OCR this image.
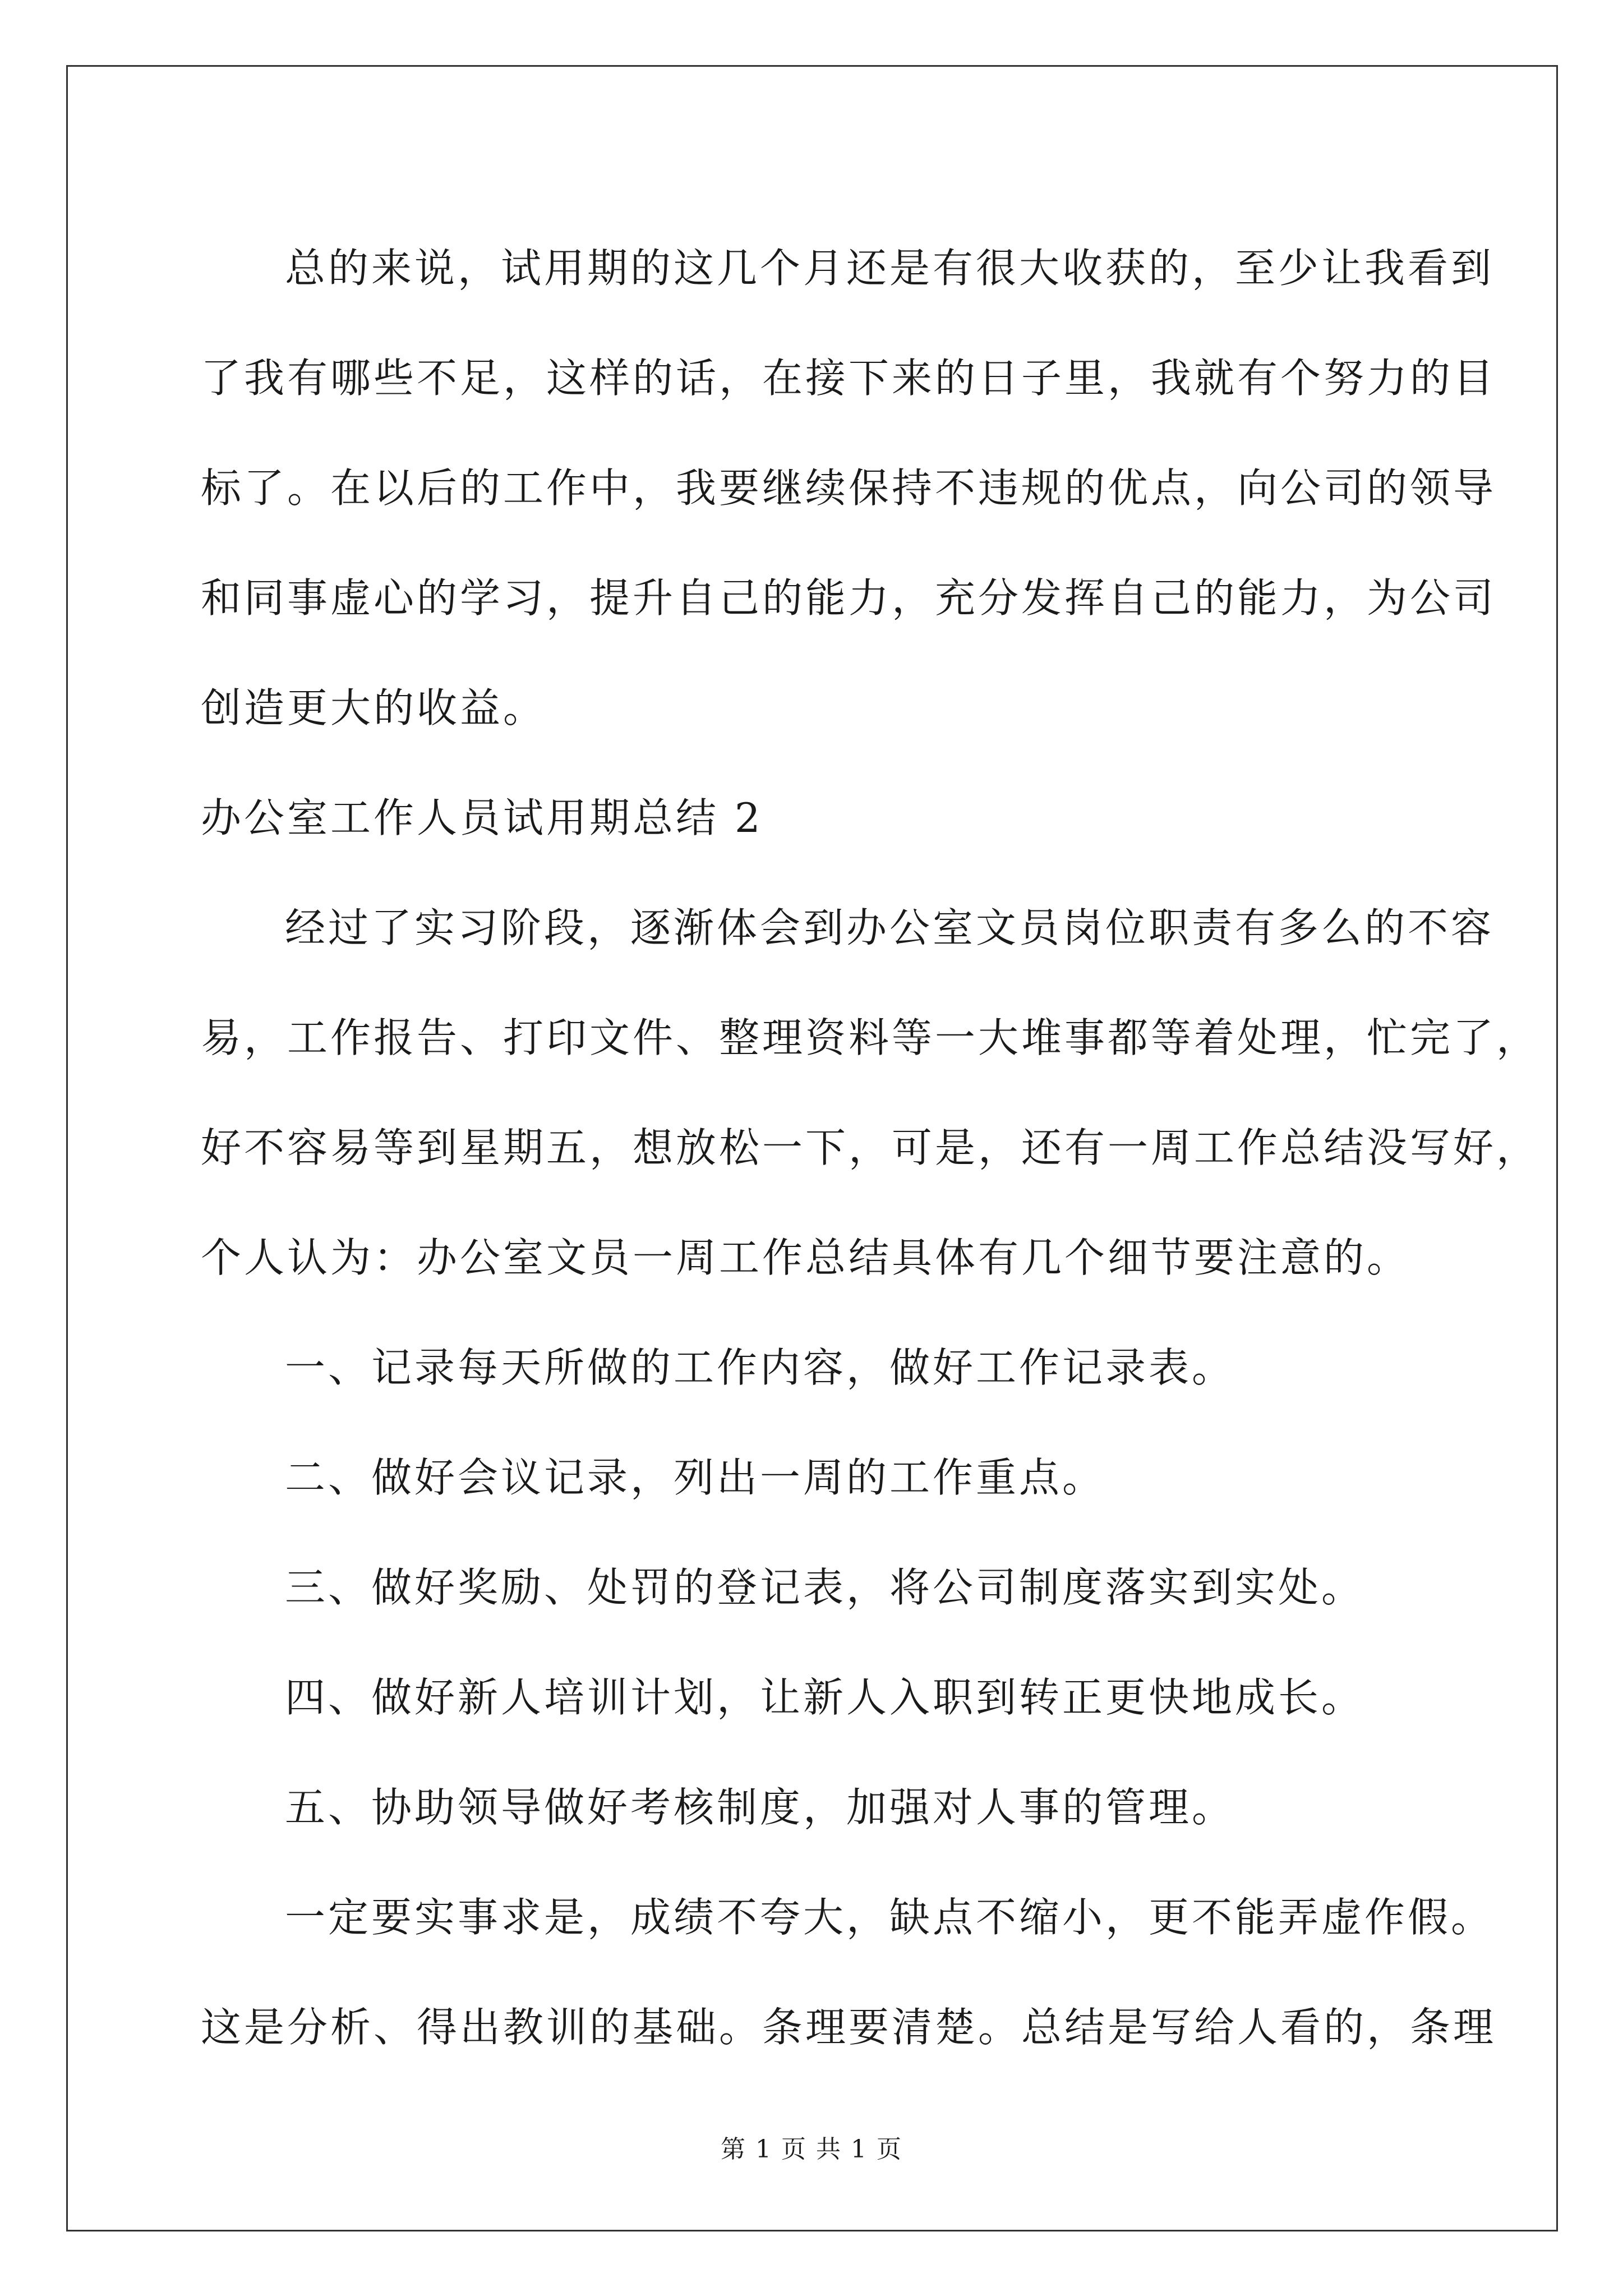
总的来说，试用期的这几个月还是有很大收获的，至少让我看到
了我有哪些不足，这样的话，在接下来的日子里，我就有个努力的目
标了。在以后的工作中，我要继续保持不违规的优点，向公司的领导
和同事虚心的学习，提升自己的能力，充分发挥自己的能力，为公司
创造更大的收益。
办公室工作人员试用期总结 2
经过了实习阶段，逐渐体会到办公室文员岗位职责有多么的不容
易，工作报告、打印文件、整理资料等一大堆事都等着处理，忙完了，
好不容易等到星期五，想放松一下，可是，还有一周工作总结没写好，
个人认为：办公室文员一周工作总结具体有几个细节要注意的。
一、记录每天所做的工作内容，做好工作记录表。
二、做好会议记录，列出一周的工作重点。
三、做好奖励、处罚的登记表，将公司制度落实到实处。
四、做好新人培训计划，让新人入职到转正更快地成长。
五、协助领导做好考核制度，加强对人事的管理。
一定要实事求是，成绩不夸大，缺点不缩小，更不能弄虚作假。
这是分析、得出教训的基础。条理要清楚。总结是写给人看的，条理
第 1 页 共 1 页
